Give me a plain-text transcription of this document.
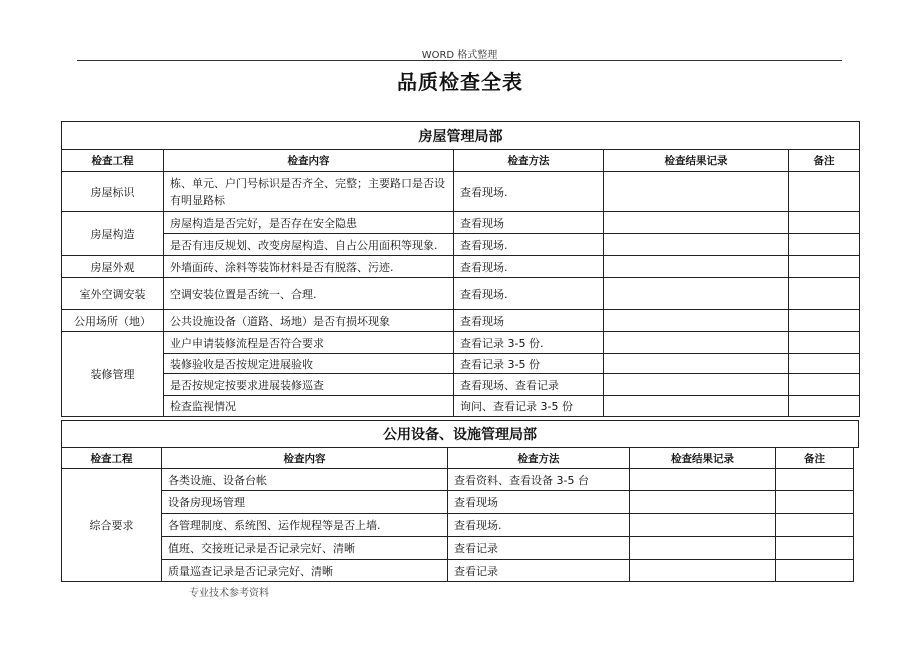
WORD 格式整理
品质检查全表
房屋管理局部				
检查工程	检查内容	检查方法	检查结果记录	备注
房屋标识	栋、单元、户门号标识是否齐全、完整；主要路口是否设有明显路标	查看现场.		
房屋构造	房屋构造是否完好，是否存在安全隐患	查看现场		
	是否有违反规划、改变房屋构造、自占公用面积等现象.	查看现场.		
房屋外观	外墙面砖、涂料等装饰材料是否有脱落、污迹.	查看现场.		
室外空调安装	空调安装位置是否统一、合理.	查看现场.		
公用场所（地）	公共设施设备（道路、场地）是否有损坏现象	查看现场		
装修管理	业户申请装修流程是否符合要求	查看记录 3-5 份.		
	装修验收是否按规定进展验收	查看记录 3-5 份		
	是否按规定按要求进展装修巡查	查看现场、查看记录		
	检查监视情况	询问、查看记录 3-5 份		
公用设备、设施管理局部
检查工程	检查内容	检查方法	检查结果记录	备注
综合要求	各类设施、设备台帐	查看资料、查看设备 3-5 台		
	设备房现场管理	查看现场		
	各管理制度、系统图、运作规程等是否上墙.	查看现场.		
	值班、交接班记录是否记录完好、清晰	查看记录		
	质量巡查记录是否记录完好、清晰	查看记录		
专业技术参考资料
